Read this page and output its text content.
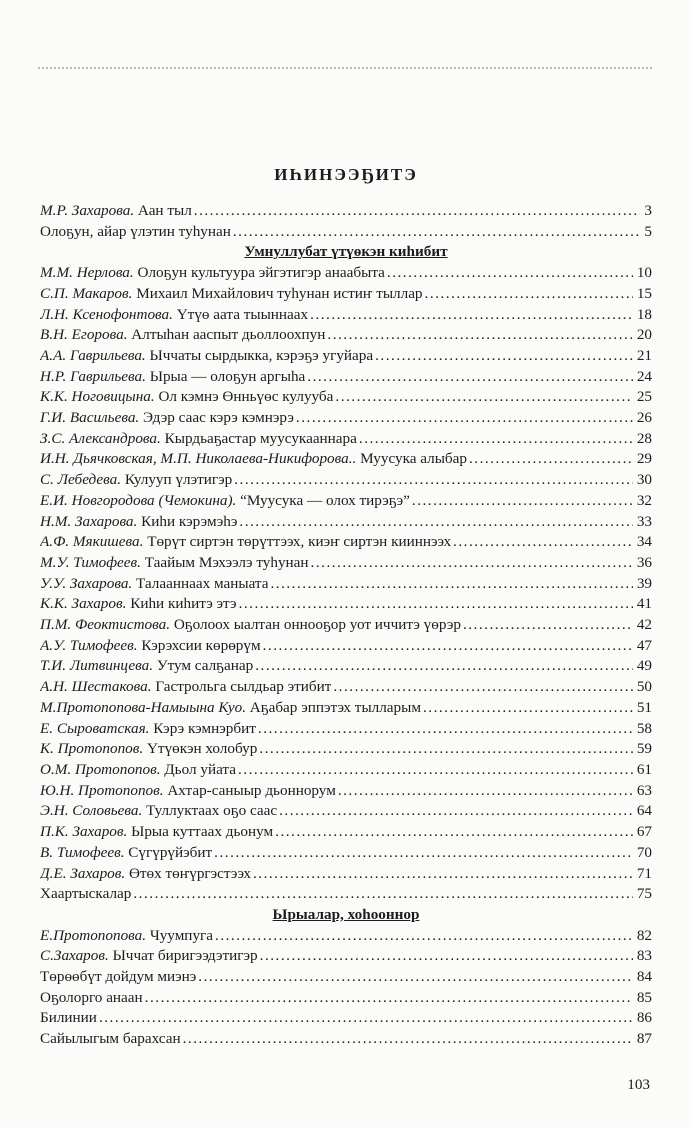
ИҺИНЭЭҔИТЭ
М.Р. Захарова. Аан тыл .....	3
Олоҕун, айар үлэтин туһунан .....	5
Умнуллубат үтүөкэн киһибит
М.М. Нерлова. Олоҕун культуура эйгэтигэр анаабыта .....	10
С.П. Макаров. Михаил Михайлович туһунан истиҥ тыллар .....	15
Л.Н. Ксенофонтова. Үтүө аата тыыннаах .....	18
В.Н. Егорова. Алтыһан ааспыт дьоллоохпун .....	20
А.А. Гаврильева. Ыччаты сырдыкка, кэрэҕэ угуйара .....	21
Н.Р. Гаврильева. Ырыа — олоҕун аргыһа .....	24
К.К. Ноговицына. Ол кэмнэ Өнньүөс кулууба .....	25
Г.И. Васильева. Эдэр саас кэрэ кэмнэрэ .....	26
З.С. Александрова. Кырдьаҕастар муусукааннара .....	28
И.Н. Дьячковская, М.П. Николаева-Никифорова.. Муусука алыбар .....	29
С. Лебедева. Кулууп үлэтигэр .....	30
Е.И. Новгородова (Чемокина). “Муусука — олох тирэҕэ” .....	32
Н.М. Захарова. Киһи кэрэмэһэ .....	33
А.Ф. Мякишева. Төрүт сиртэн төрүттээх, киэҥ сиртэн кииннээх .....	34
М.У. Тимофеев. Таайым Мэхээлэ туһунан .....	36
У.У. Захарова. Талааннаах маныата .....	39
К.К. Захаров. Киһи киһитэ этэ .....	41
П.М. Феоктистова. Оҕолоох ыалтан оннооҕор уот иччитэ үөрэр .....	42
А.У. Тимофеев. Кэрэхсии көрөрүм .....	47
Т.И. Литвинцева. Утум салҕанар .....	49
А.Н. Шестакова. Гастрольга сылдьар этибит .....	50
М.Протопопова-Намыына Куо. Аҕабар эппэтэх тылларым .....	51
Е. Сыроватская. Кэрэ кэмнэрбит .....	58
К. Протопопов. Үтүөкэн холобур .....	59
О.М. Протопопов. Дьол уйата .....	61
Ю.Н. Протопопов. Ахтар-саныыр дьоннорум .....	63
Э.Н. Соловьева. Туллуктаах оҕо саас .....	64
П.К. Захаров. Ырыа куттаах дьонум .....	67
В. Тимофеев. Сүгүрүйэбит .....	70
Д.Е. Захаров. Өтөх төҥүргэстээх .....	71
Хаартыскалар .....	75
Ырыалар, хоһооннор
Е.Протопопова. Чуумпуга .....	82
С.Захаров. Ыччат биригээдэтигэр .....	83
Төрөөбүт дойдум миэнэ .....	84
Оҕолорго анаан .....	85
Билинии .....	86
Сайылыгым барахсан .....	87
103
